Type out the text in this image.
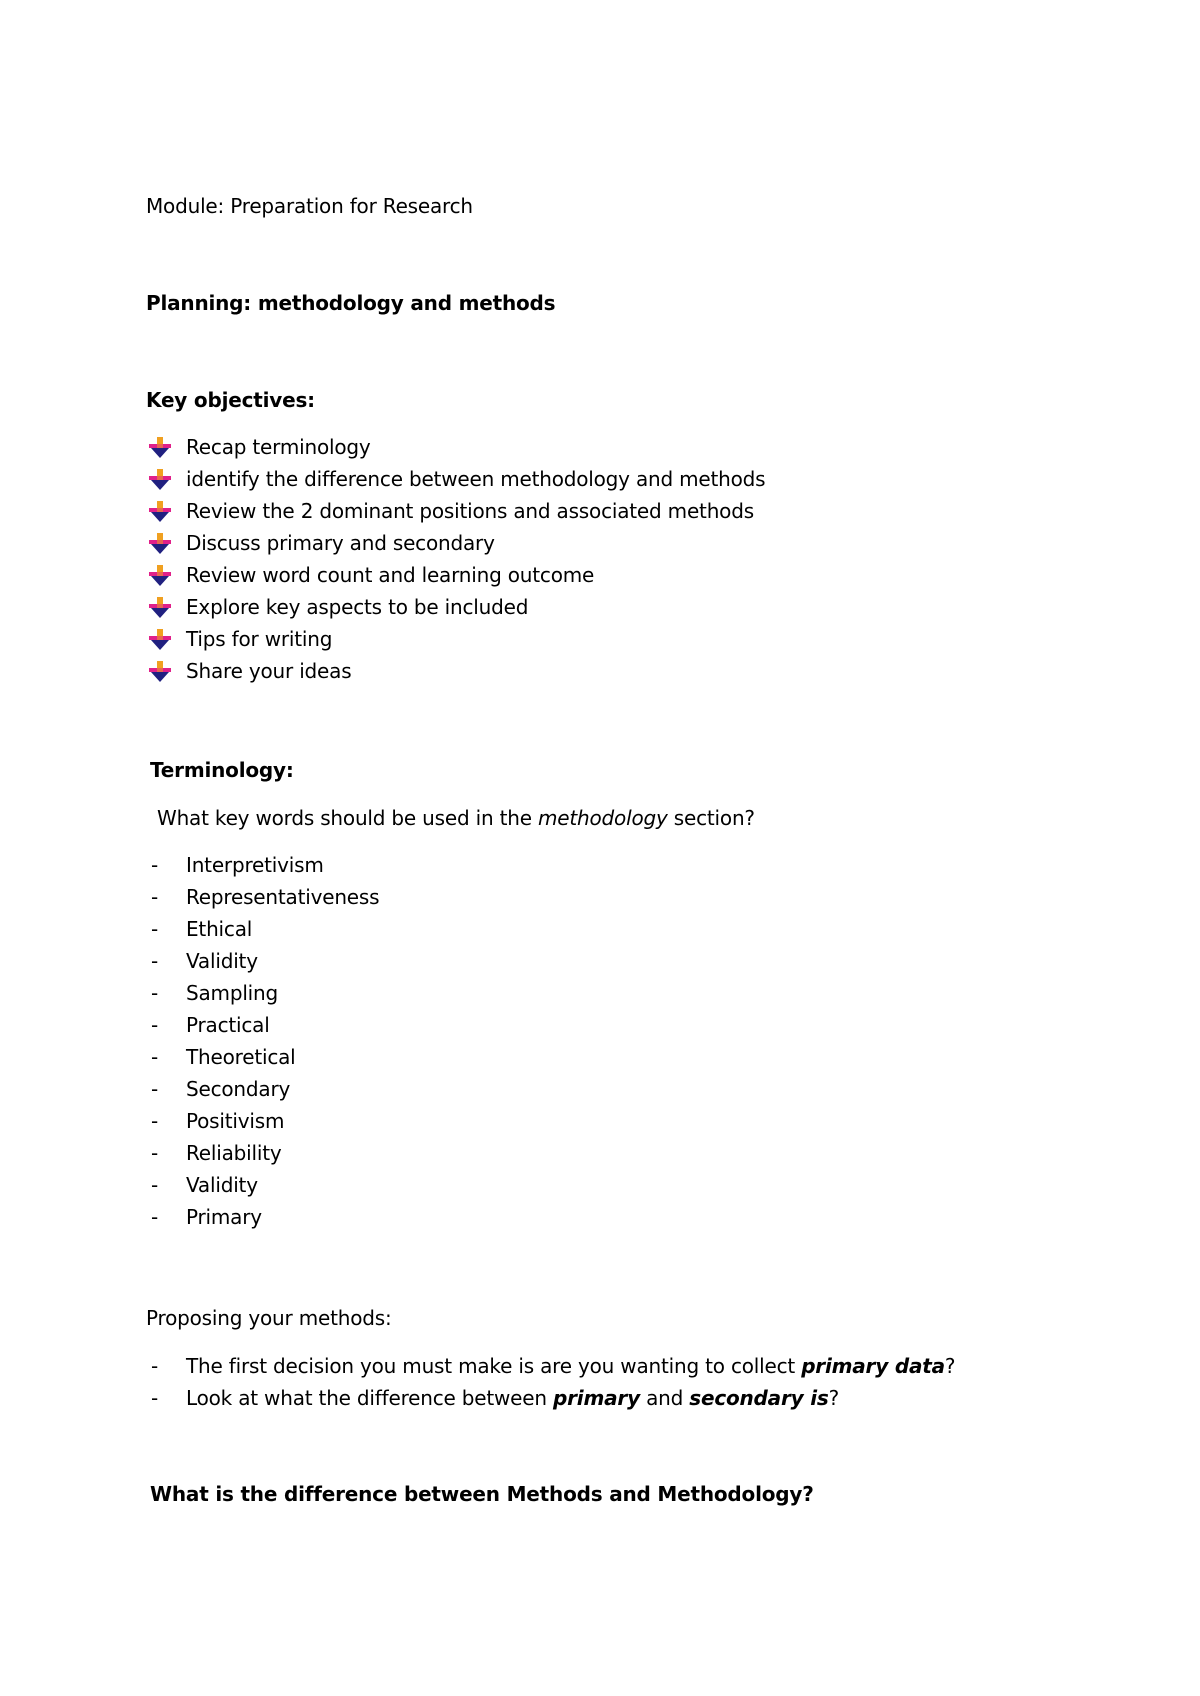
Module: Preparation for Research
Planning: methodology and methods
Key objectives:
Recap terminology
identify the difference between methodology and methods
Review the 2 dominant positions and associated methods
Discuss primary and secondary
Review word count and learning outcome
Explore key aspects to be included
Tips for writing
Share your ideas
Terminology:
What key words should be used in the methodology section?
- Interpretivism
- Representativeness
- Ethical
- Validity
- Sampling
- Practical
- Theoretical
- Secondary
- Positivism
- Reliability
- Validity
- Primary
Proposing your methods:
- The first decision you must make is are you wanting to collect primary data?
- Look at what the difference between primary and secondary is?
What is the difference between Methods and Methodology?
